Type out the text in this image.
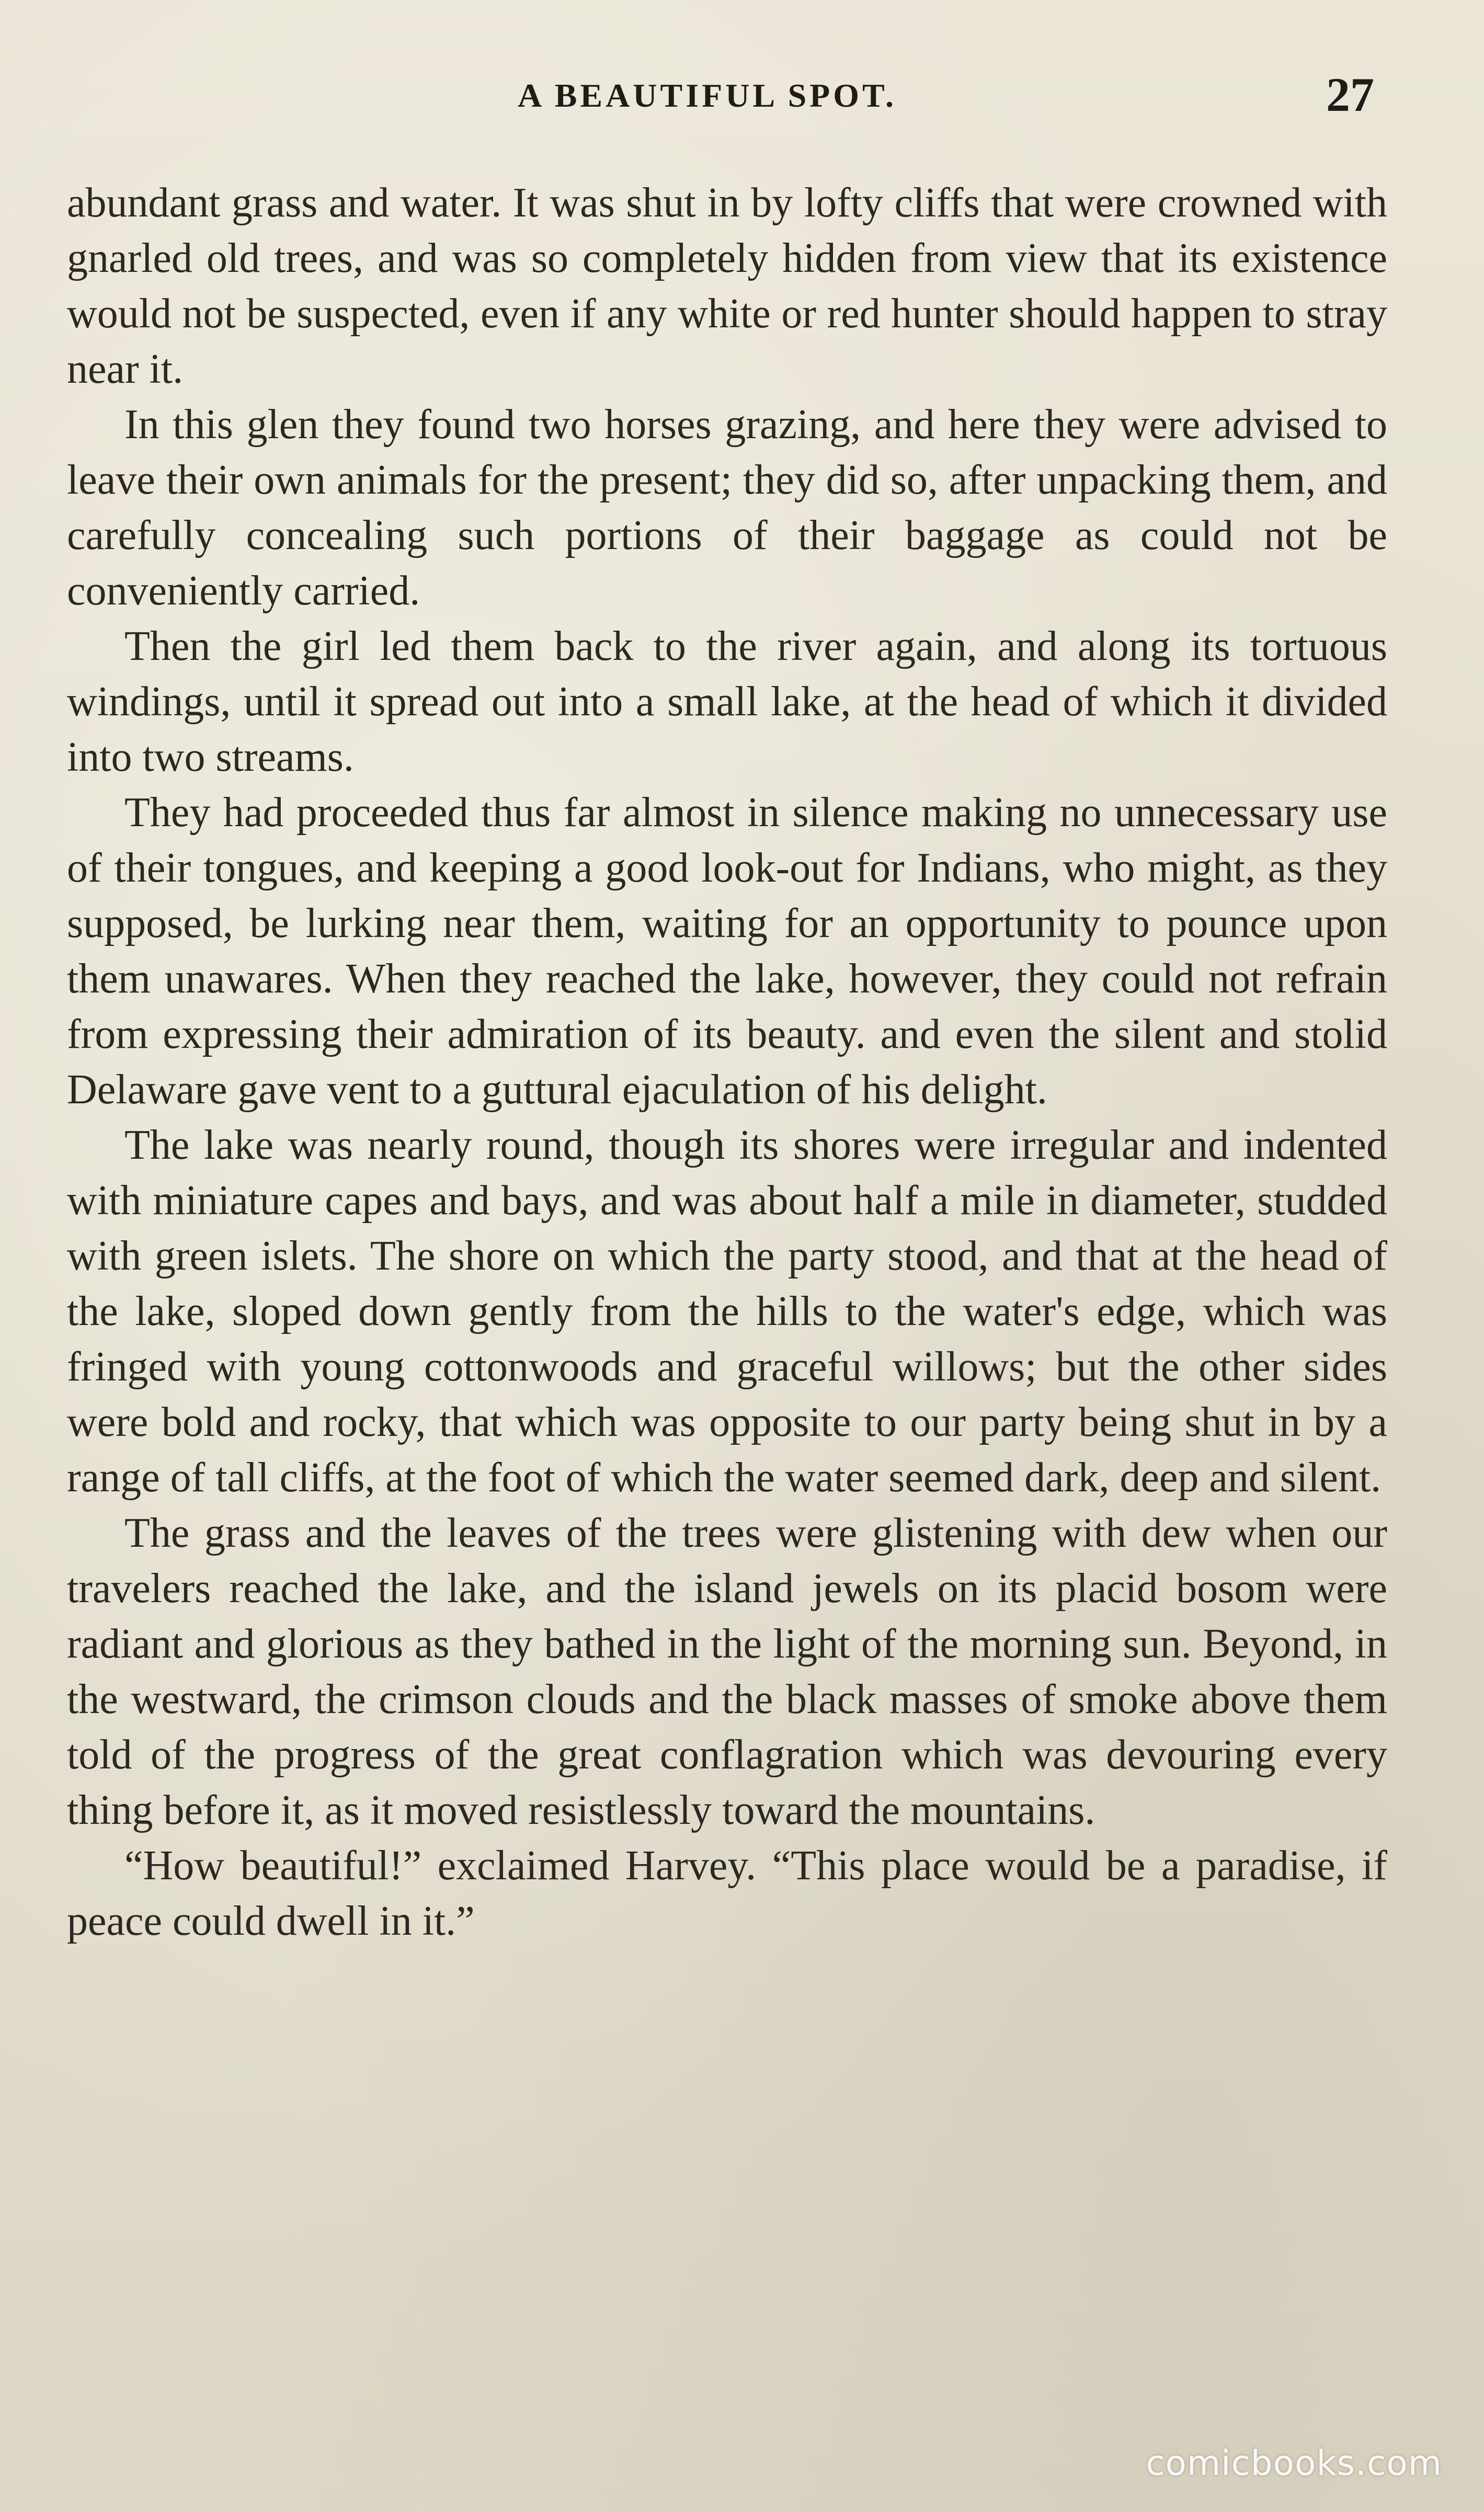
A BEAUTIFUL SPOT.	27

abundant grass and water. It was shut in by lofty cliffs that were crowned with gnarled old trees, and was so completely hidden from view that its existence would not be suspected, even if any white or red hunter should happen to stray near it.

In this glen they found two horses grazing, and here they were advised to leave their own animals for the present; they did so, after unpacking them, and carefully concealing such portions of their baggage as could not be conveniently carried.

Then the girl led them back to the river again, and along its tortuous windings, until it spread out into a small lake, at the head of which it divided into two streams.

They had proceeded thus far almost in silence making no unnecessary use of their tongues, and keeping a good look-out for Indians, who might, as they supposed, be lurking near them, waiting for an opportunity to pounce upon them unawares. When they reached the lake, however, they could not refrain from expressing their admiration of its beauty. and even the silent and stolid Delaware gave vent to a guttural ejaculation of his delight.

The lake was nearly round, though its shores were irregular and indented with miniature capes and bays, and was about half a mile in diameter, studded with green islets. The shore on which the party stood, and that at the head of the lake, sloped down gently from the hills to the water's edge, which was fringed with young cottonwoods and graceful willows; but the other sides were bold and rocky, that which was opposite to our party being shut in by a range of tall cliffs, at the foot of which the water seemed dark, deep and silent.

The grass and the leaves of the trees were glistening with dew when our travelers reached the lake, and the island jewels on its placid bosom were radiant and glorious as they bathed in the light of the morning sun. Beyond, in the westward, the crimson clouds and the black masses of smoke above them told of the progress of the great conflagration which was devouring every thing before it, as it moved resistlessly toward the mountains.

“How beautiful!” exclaimed Harvey. “This place would be a paradise, if peace could dwell in it.”

comicbooks.com
